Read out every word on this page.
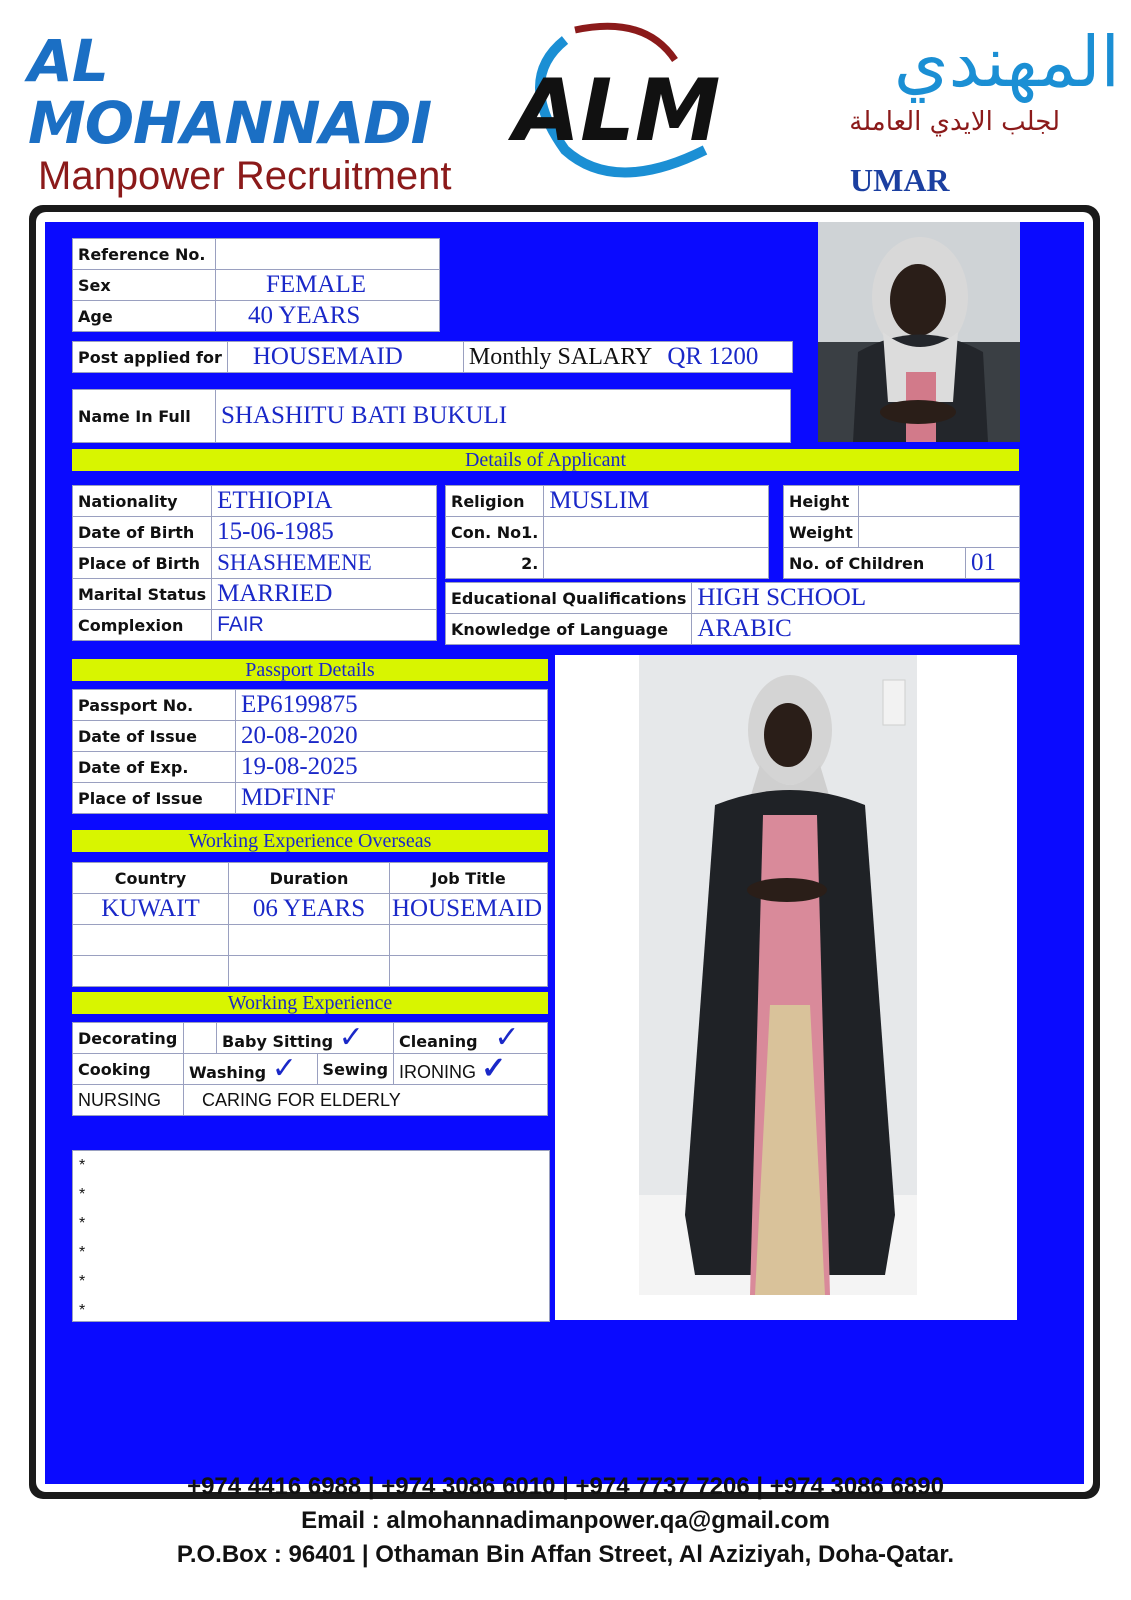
AL MOHANNADI
Manpower Recruitment
ALM	المهندي
لجلب الايدي العاملة
UMAR
Reference No.	
Sex	FEMALE
Age	40 YEARS
Post applied for	HOUSEMAID	Monthly SALARY QR 1200
Name In Full	SHASHITU BATI BUKULI
Details of Applicant
Nationality	ETHIOPIA
Date of Birth	15-06-1985
Place of Birth	SHASHEMENE
Marital Status	MARRIED
Complexion	FAIR
Religion	MUSLIM
Con. No1.	
2.	
Height		
Weight		
No. of Children		01
Educational Qualifications	HIGH SCHOOL
Knowledge of Language	ARABIC
Passport Details
Passport No.	EP6199875
Date of Issue	20-08-2020
Date of Exp.	19-08-2025
Place of Issue	MDFINF
Working Experience Overseas
Country	Duration	Job Title
KUWAIT	06 YEARS	HOUSEMAID

Working Experience
Decorating		Baby Sitting ✓		Cleaning ✓
Cooking	Washing ✓		Sewing	IRONING ✓
NURSING	CARING FOR ELDERLY			
*
*
*
*
*
*
+974 4416 6988 | +974 3086 6010 | +974 7737 7206 | +974 3086 6890
Email : almohannadimanpower.qa@gmail.com
P.O.Box : 96401 | Othaman Bin Affan Street, Al Aziziyah, Doha-Qatar.
